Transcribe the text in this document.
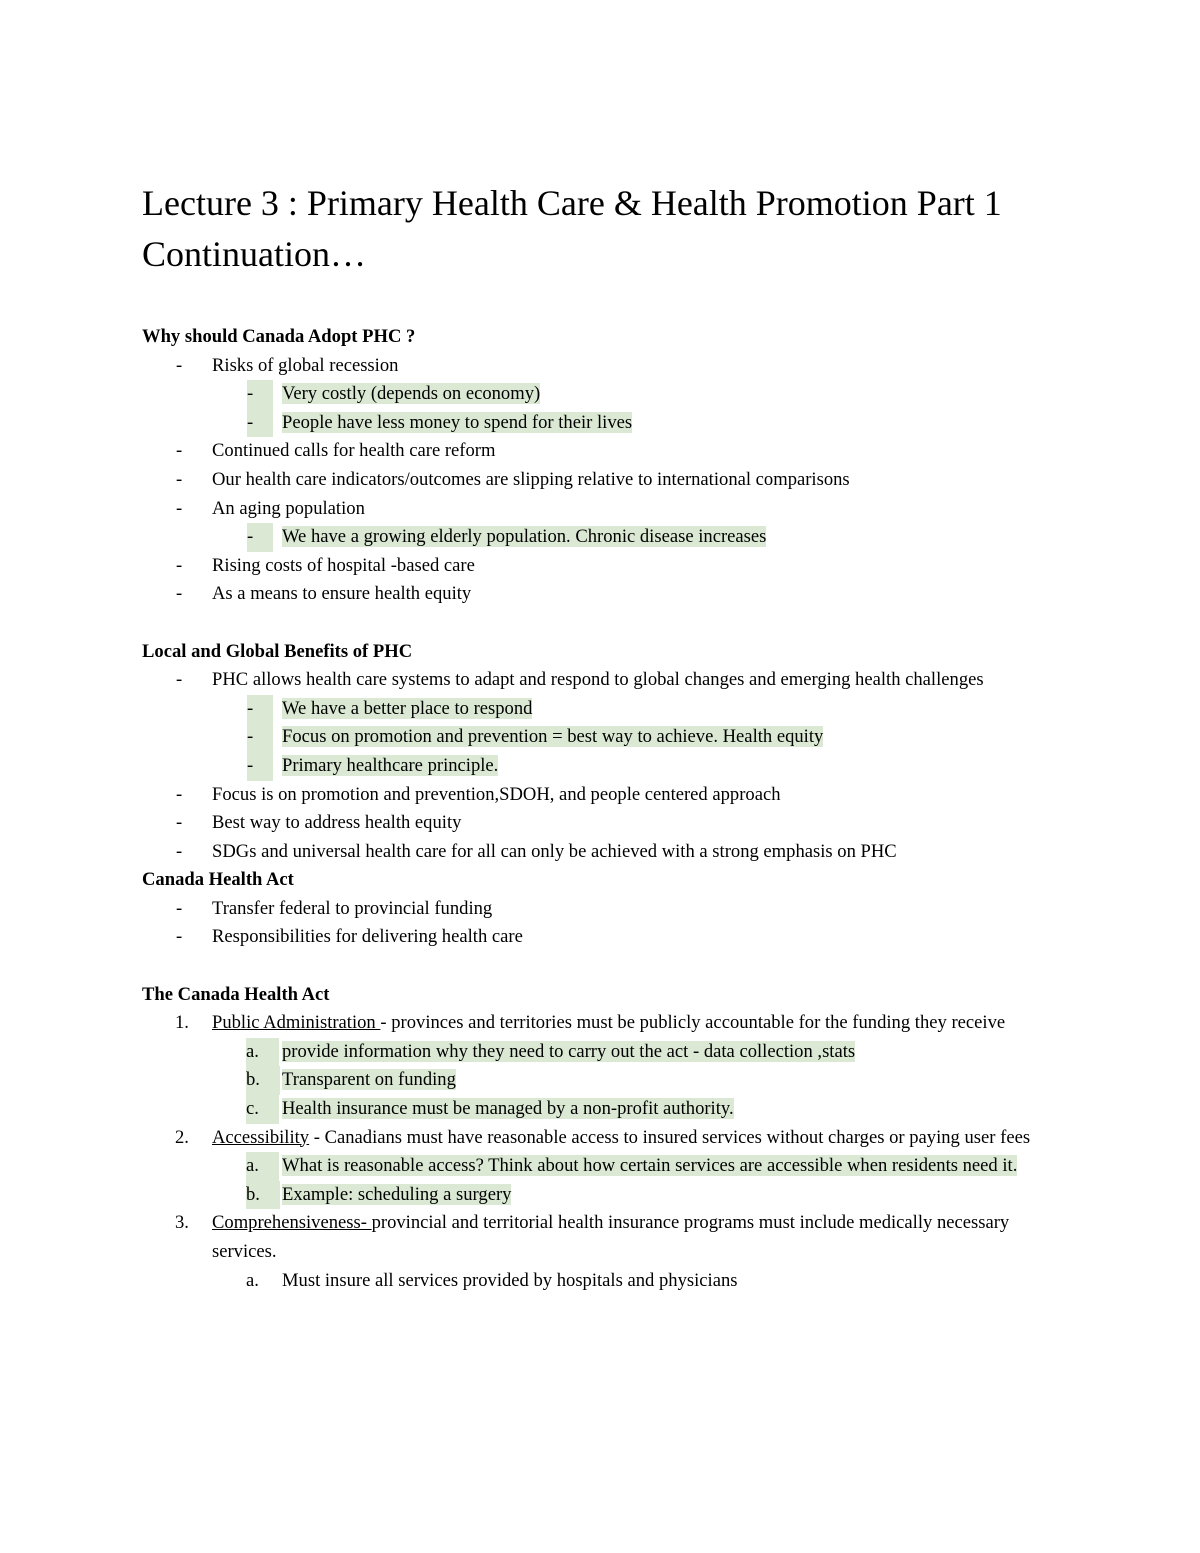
Lecture 3 : Primary Health Care & Health Promotion Part 1 Continuation…
Why should Canada Adopt PHC ?
- Risks of global recession
-	Very costly (depends on economy)
-	People have less money to spend for their lives
- Continued calls for health care reform
- Our health care indicators/outcomes are slipping relative to international comparisons
- An aging population
-	We have a growing elderly population. Chronic disease increases
- Rising costs of hospital -based care
- As a means to ensure health equity
Local and Global Benefits of PHC
- PHC allows health care systems to adapt and respond to global changes and emerging health challenges
-	We have a better place to respond
-	Focus on promotion and prevention = best way to achieve. Health equity
-	Primary healthcare principle.
- Focus is on promotion and prevention,SDOH, and people centered approach
- Best way to address health equity
- SDGs and universal health care for all can only be achieved with a strong emphasis on PHC
Canada Health Act
- Transfer federal to provincial funding
- Responsibilities for delivering health care
The Canada Health Act
1. Public Administration - provinces and territories must be publicly accountable for the funding they receive
a.	provide information why they need to carry out the act - data collection ,stats
b.	Transparent on funding
c.	Health insurance must be managed by a non-profit authority.
2. Accessibility - Canadians must have reasonable access to insured services without charges or paying user fees
a.	What is reasonable access? Think about how certain services are accessible when residents need it.
b.	Example: scheduling a surgery
3. Comprehensiveness- provincial and territorial health insurance programs must include medically necessary services.
a. Must insure all services provided by hospitals and physicians
